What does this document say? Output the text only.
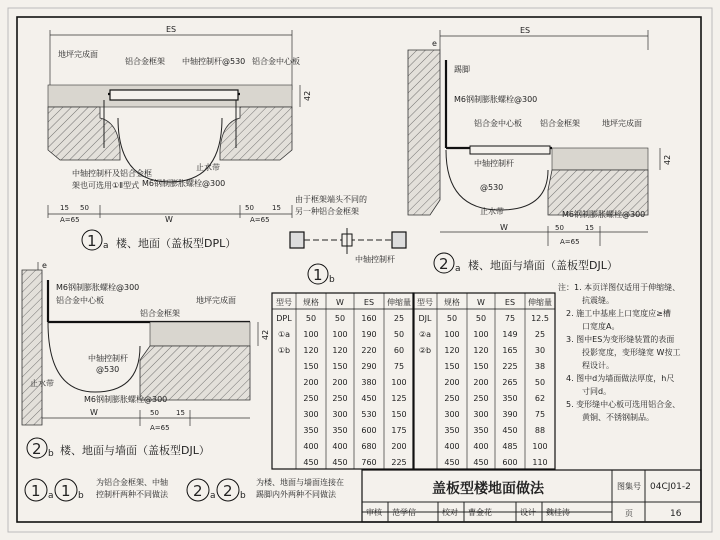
ES
地坪完成面
铝合金框架 中轴控制杆@530 铝合金中心板
42
中轴控制杆及铝合金框
架也可选用①Ⅱ型式
止水带
M6钢制膨胀螺栓@300
15 50
A=65	W
50	15
A=65
1 a 楼、地面（盖板型DPL）
由于框架端头不同的
另一种铝合金框架
中轴控制杆
1 b
ES
e
踢脚
M6钢制膨胀螺栓@300
铝合金中心板 铝合金框架	地坪完成面
42
中轴控制杆
@530
止水带	M6钢制膨胀螺栓@300
W	50	15
A=65
2 a 楼、地面与墙面（盖板型DJL）
e
M6钢制膨胀螺栓@300
铝合金中心板	地坪完成面
铝合金框架
42
中轴控制杆
@530
止水带
M6钢制膨胀螺栓@300
W	50 15
A=65
2 b 楼、地面与墙面（盖板型DJL）
型号 规格 W ES 伸缩量
DPL 50 50 160 25
①a 100 100 190 50
①b 120 120 220 60
150 150 290 75
200 200 380 100
250 250 450 125
300 300 530 150
350 350 600 175
400 400 680 200
450 450 760 225
型号 规格 W ES 伸缩量
DJL 50 50 75 12.5
②a 100 100 149 25
②b 120 120 165 30
150 150 225 38
200 200 265 50
250 250 350 62
300 300 390 75
350 350 450 88
400 400 485 100
450 450 600 110
注：1. 本页详图仅适用于伸缩缝、
抗震缝。
2. 施工中基座上口宽度应≥槽
口宽度A。
3. 图中ES为变形缝装置的表面
投影宽度，变形缝宽 W按工
程设计。
4. 图中d为墙面做法厚度，h尺
寸同d。
5. 变形缝中心板可选用铝合金、
黄铜、不锈钢制品。
1 a 1 b
为铝合金框架、中轴
控制杆两种不同做法 2 a 2 b
为楼、地面与墙面连接在
踢脚内外两种不同做法	盖板型楼地面做法	图集号 04CJ01-2
审核 范学信	校对 曹金花	设计 魏桂涛	页	16
